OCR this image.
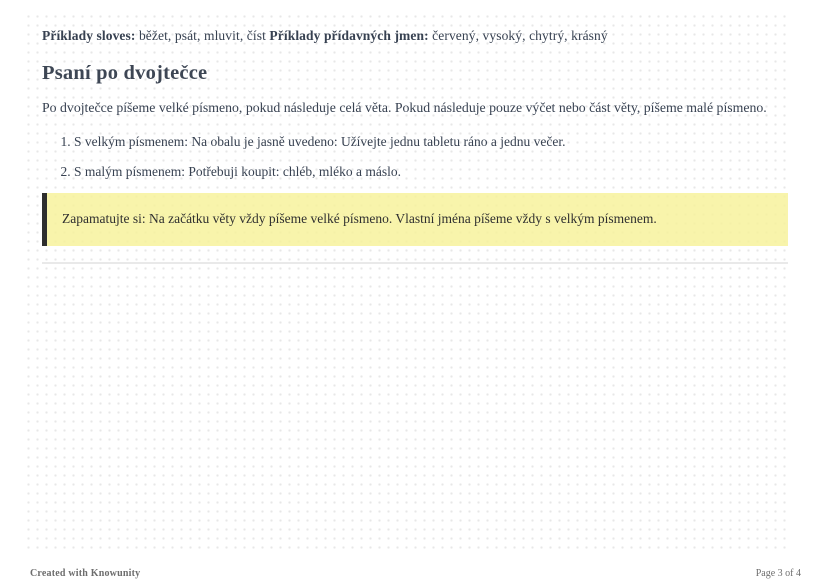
Příklady sloves: běžet, psát, mluvit, číst Příklady přídavných jmen: červený, vysoký, chytrý, krásný

Psaní po dvojtečce

Po dvojtečce píšeme velké písmeno, pokud následuje celá věta. Pokud následuje pouze výčet nebo část věty, píšeme malé písmeno.

1. S velkým písmenem: Na obalu je jasně uvedeno: Užívejte jednu tabletu ráno a jednu večer.
2. S malým písmenem: Potřebuji koupit: chléb, mléko a máslo.
Zapamatujte si: Na začátku věty vždy píšeme velké písmeno. Vlastní jména píšeme vždy s velkým písmenem.
Created with Knowunity	Page 3 of 4
